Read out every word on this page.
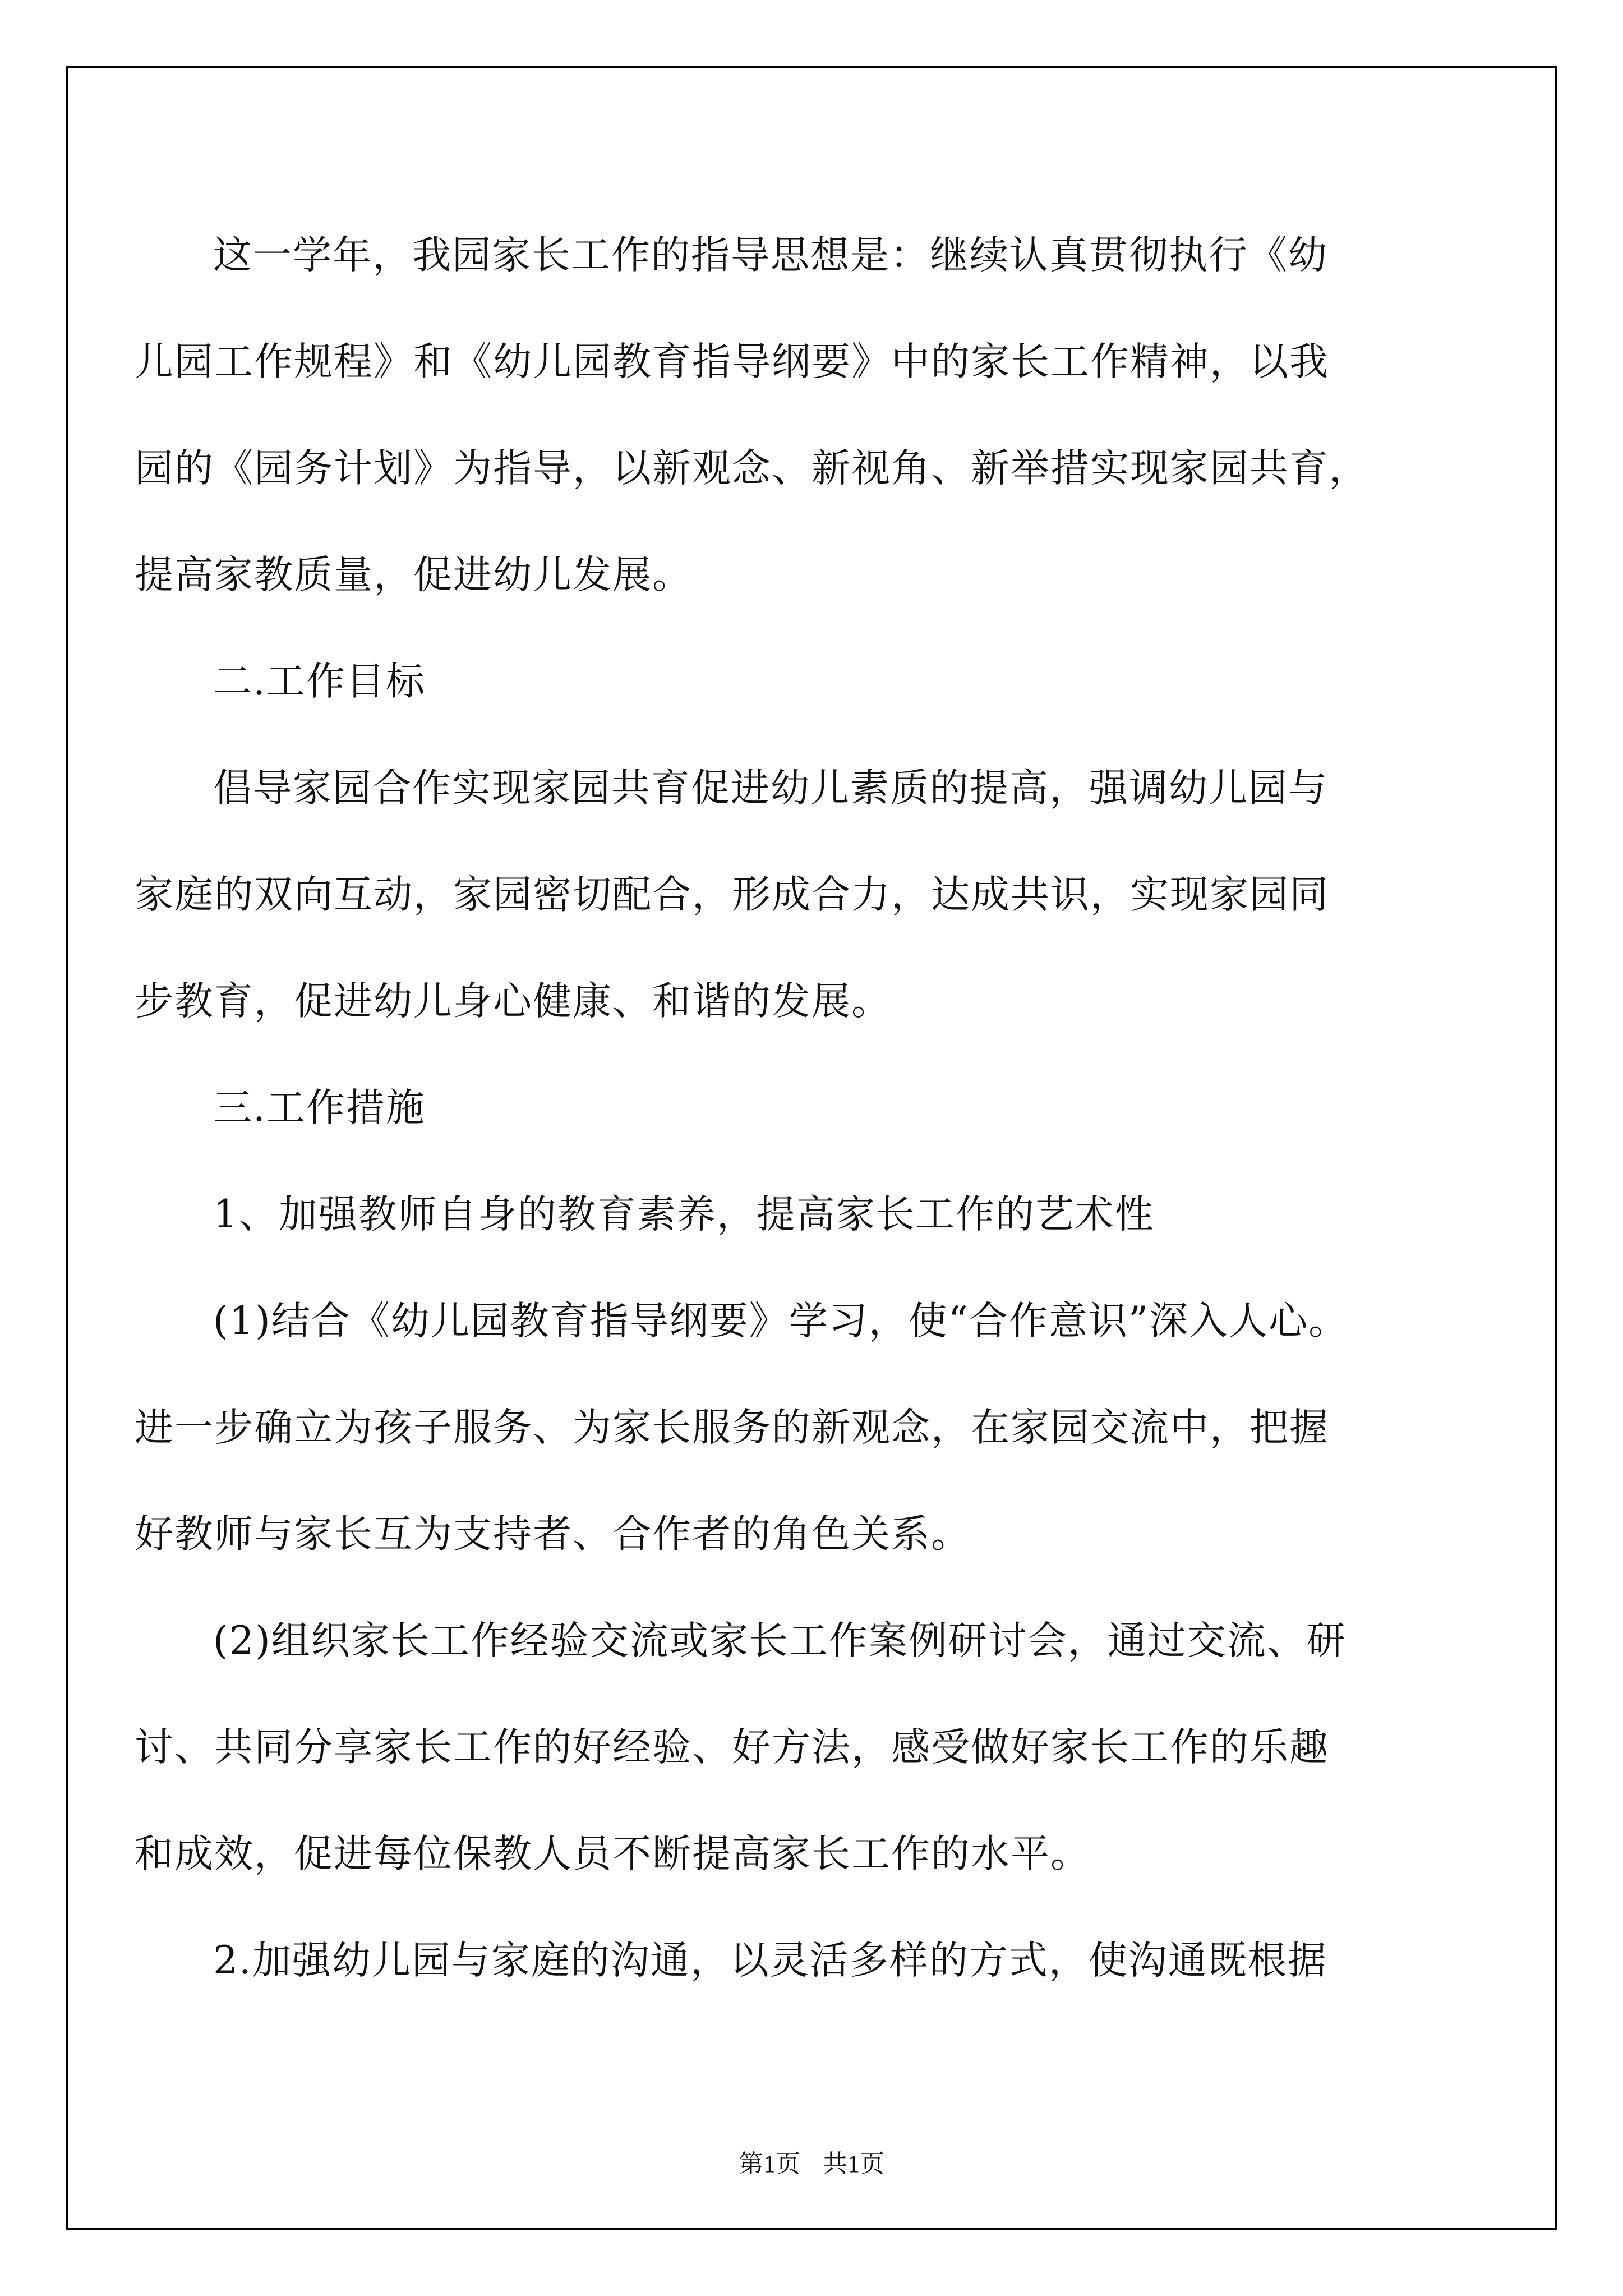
这一学年，我园家长工作的指导思想是：继续认真贯彻执行《幼
儿园工作规程》和《幼儿园教育指导纲要》中的家长工作精神，以我
园的《园务计划》为指导，以新观念、新视角、新举措实现家园共育，
提高家教质量，促进幼儿发展。
二.工作目标
倡导家园合作实现家园共育促进幼儿素质的提高，强调幼儿园与
家庭的双向互动，家园密切配合，形成合力，达成共识，实现家园同
步教育，促进幼儿身心健康、和谐的发展。
三.工作措施
1、加强教师自身的教育素养，提高家长工作的艺术性
(1)结合《幼儿园教育指导纲要》学习，使“合作意识”深入人心。
进一步确立为孩子服务、为家长服务的新观念，在家园交流中，把握
好教师与家长互为支持者、合作者的角色关系。
(2)组织家长工作经验交流或家长工作案例研讨会，通过交流、研
讨、共同分享家长工作的好经验、好方法，感受做好家长工作的乐趣
和成效，促进每位保教人员不断提高家长工作的水平。
2.加强幼儿园与家庭的沟通，以灵活多样的方式，使沟通既根据
第1页 共1页
